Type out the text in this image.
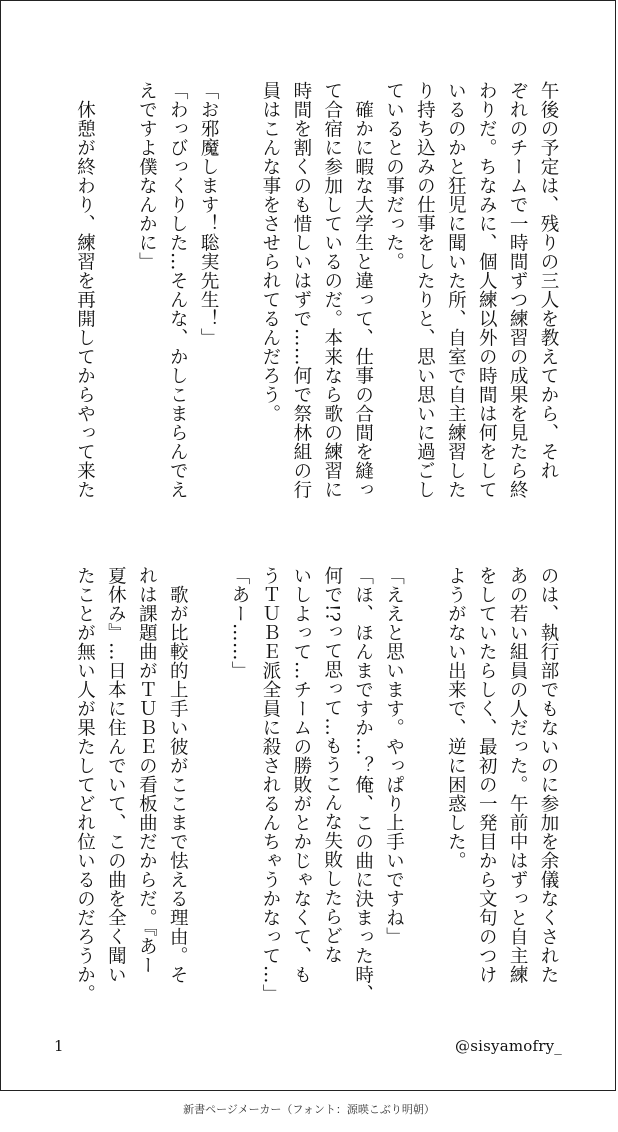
午後の予定は、残りの三人を教えてから、それ
ぞれのチームで一時間ずつ練習の成果を見たら終
わりだ。ちなみに、個人練以外の時間は何をして
いるのかと狂児に聞いた所、自室で自主練習した
り持ち込みの仕事をしたりと、思い思いに過ごし
ているとの事だった。
　確かに暇な大学生と違って、仕事の合間を縫っ
て合宿に参加しているのだ。本来なら歌の練習に
時間を割くのも惜しいはずで……何で祭林組の行
員はこんな事をさせられてるんだろう。
「お邪魔します！聡実先生！」
「わっびっくりした…そんな、かしこまらんでえ
えですよ僕なんかに」
　休憩が終わり、練習を再開してからやって来た
のは、執行部でもないのに参加を余儀なくされた
あの若い組員の人だった。午前中はずっと自主練
をしていたらしく、最初の一発目から文句のつけ
ようがない出来で、逆に困惑した。
「ええと思います。やっぱり上手いですね」
「ほ、ほんまですか…？俺、この曲に決まった時、
何で!?って思って…もうこんな失敗したらどな
いしよって…チームの勝敗がとかじゃなくて、も
うＴＵＢＥ派全員に殺されるんちゃうかなって…」
「あー……」
　歌が比較的上手い彼がここまで怯える理由。そ
れは課題曲がＴＵＢＥの看板曲だからだ。『あー
夏休み』…日本に住んでいて、この曲を全く聞い
たことが無い人が果たしてどれ位いるのだろうか。
1	@sisyamofry_
新書ページメーカー（フォント：源暎こぶり明朝）
